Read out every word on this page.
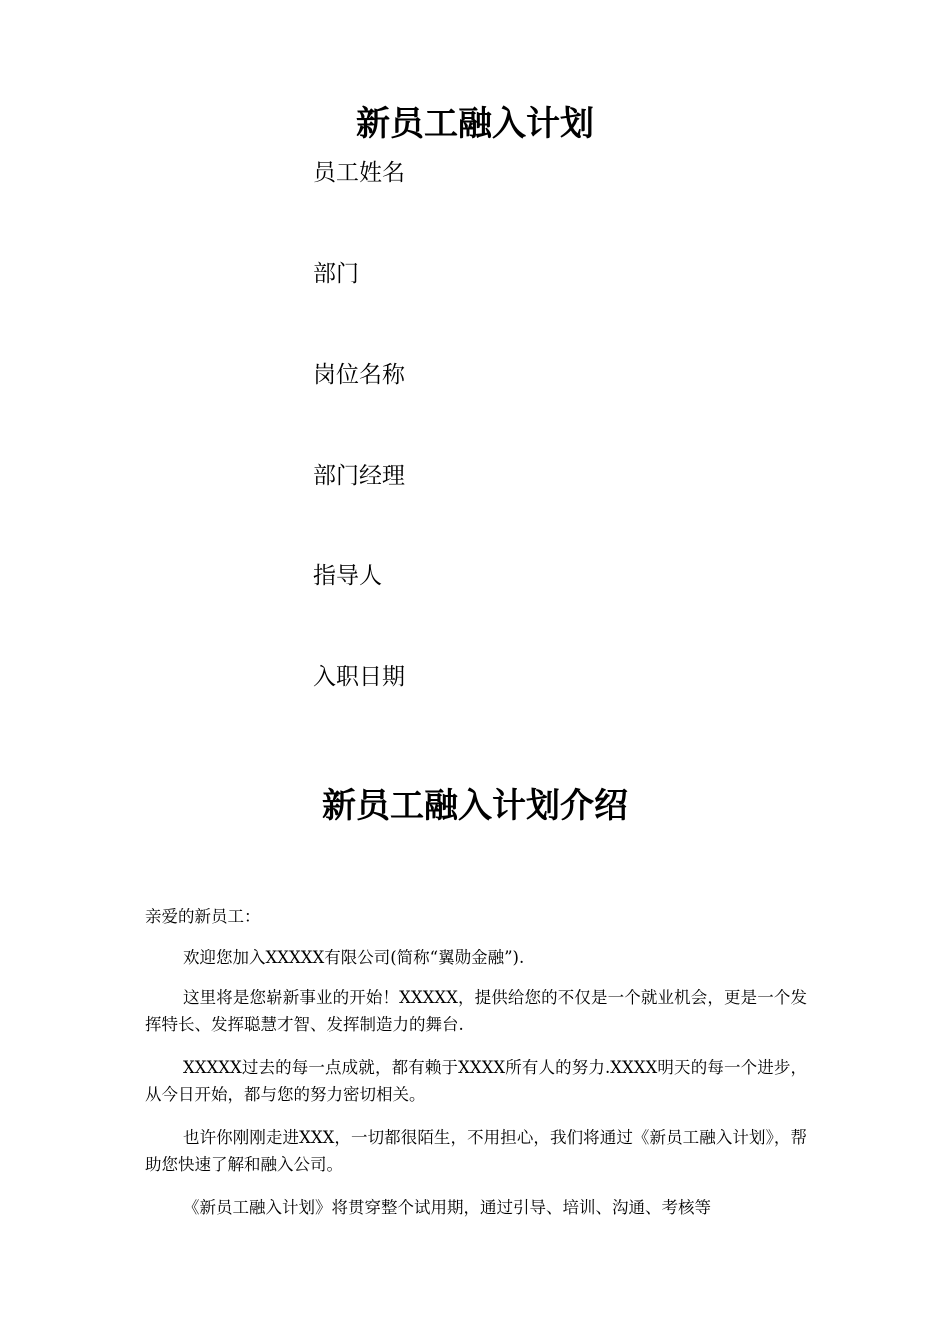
新员工融入计划
员工姓名
部门
岗位名称
部门经理
指导人
入职日期
新员工融入计划介绍
亲爱的新员工：

欢迎您加入XXXXX有限公司(简称“翼勋金融”).

这里将是您崭新事业的开始！XXXXX，提供给您的不仅是一个就业机会，更是一个发挥特长、发挥聪慧才智、发挥制造力的舞台.

XXXXX过去的每一点成就，都有赖于XXXX所有人的努力.XXXX明天的每一个进步，从今日开始，都与您的努力密切相关。

也许你刚刚走进XXX，一切都很陌生，不用担心，我们将通过《新员工融入计划》，帮助您快速了解和融入公司。

《新员工融入计划》将贯穿整个试用期，通过引导、培训、沟通、考核等
